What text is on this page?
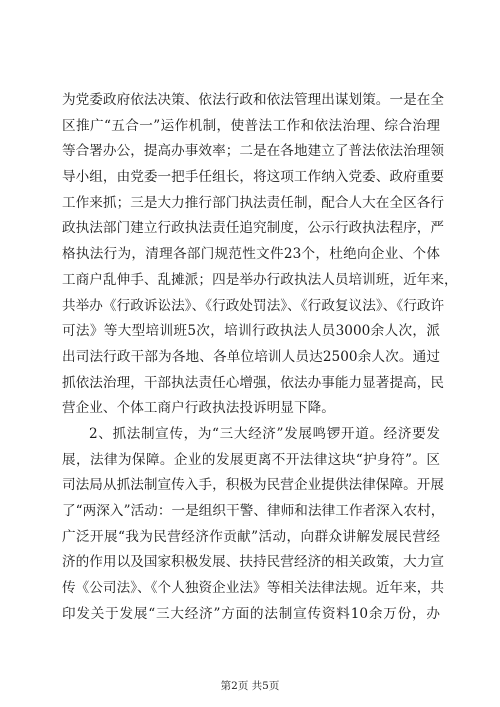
为党委政府依法决策、依法行政和依法管理出谋划策。一是在全
区推广“五合一”运作机制，使普法工作和依法治理、综合治理
等合署办公，提高办事效率；二是在各地建立了普法依法治理领
导小组，由党委一把手任组长，将这项工作纳入党委、政府重要
工作来抓；三是大力推行部门执法责任制，配合人大在全区各行
政执法部门建立行政执法责任追究制度，公示行政执法程序，严
格执法行为，清理各部门规范性文件23个，杜绝向企业、个体
工商户乱伸手、乱摊派；四是举办行政执法人员培训班，近年来，
共举办《行政诉讼法》、《行政处罚法》、《行政复议法》、《行政许
可法》等大型培训班5次，培训行政执法人员3000余人次，派
出司法行政干部为各地、各单位培训人员达2500余人次。通过
抓依法治理，干部执法责任心增强，依法办事能力显著提高，民
营企业、个体工商户行政执法投诉明显下降。
2、抓法制宣传，为“三大经济”发展鸣锣开道。经济要发
展，法律为保障。企业的发展更离不开法律这块“护身符”。区
司法局从抓法制宣传入手，积极为民营企业提供法律保障。开展
了“两深入”活动：一是组织干警、律师和法律工作者深入农村，
广泛开展“我为民营经济作贡献”活动，向群众讲解发展民营经
济的作用以及国家积极发展、扶持民营经济的相关政策，大力宣
传《公司法》、《个人独资企业法》等相关法律法规。近年来，共
印发关于发展“三大经济”方面的法制宣传资料10余万份，办
第2页 共5页
